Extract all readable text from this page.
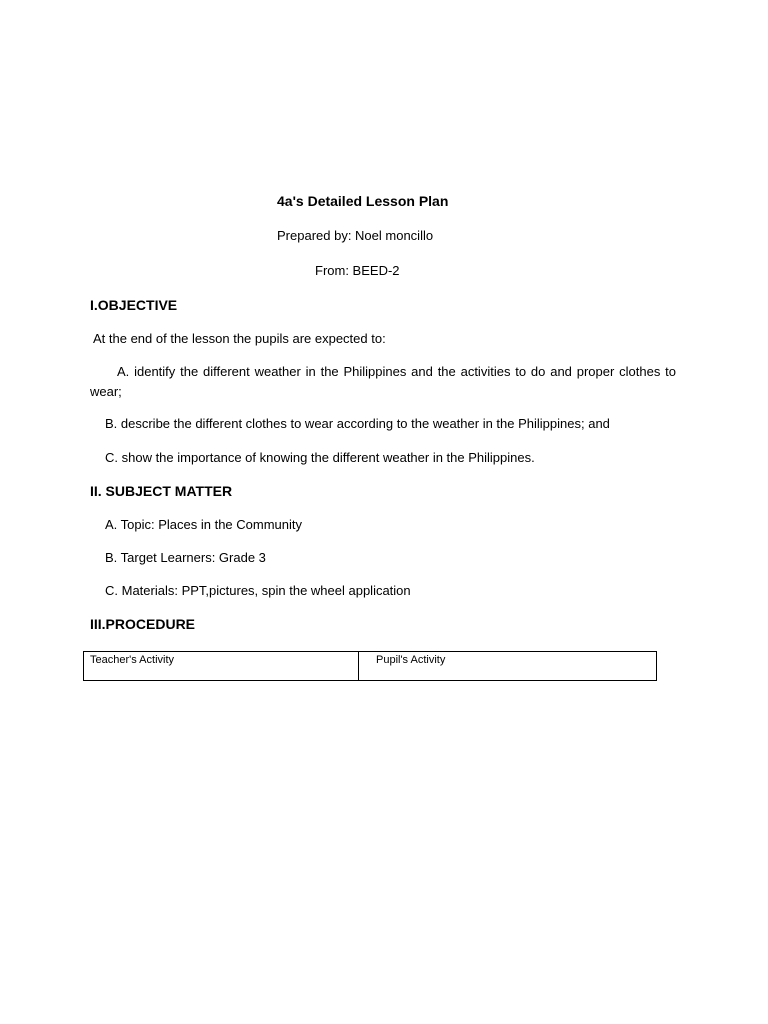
4a's Detailed Lesson Plan
Prepared by: Noel moncillo
From: BEED-2
I.OBJECTIVE
At the end of the lesson the pupils are expected to:
A. identify the different weather in the Philippines and the activities to do and proper clothes to wear;
B. describe the different clothes to wear according to the weather in the Philippines; and
C. show the importance of knowing the different weather in the Philippines.
II. SUBJECT MATTER
A. Topic: Places in the Community
B. Target Learners: Grade 3
C. Materials: PPT,pictures, spin the wheel application
III.PROCEDURE
Teacher's Activity	Pupil's Activity
